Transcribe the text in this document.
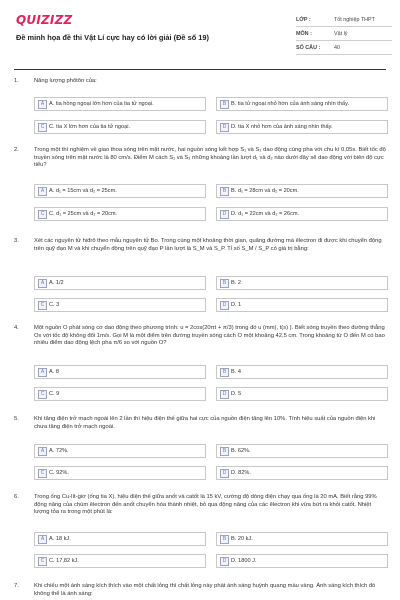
QUIZIZZ
Đề minh họa đề thi Vật Lí cực hay có lời giải (Đề số 19)
LỚP :	Tốt nghiệp THPT
MÔN :	Vật lý
SỐ CÂU :	40
1.	Năng lượng phôtôn của:
A A. tia hồng ngoại lớn hơn của tia tử ngoại.	B B. tia tử ngoại nhỏ hơn của ánh sáng nhìn thấy.
C C. tia X lớn hơn của tia tử ngoại.	D D. tia X nhỏ hơn của ánh sáng nhìn thấy.
2.	Trong một thí nghiệm về giao thoa sóng trên mặt nước, hai nguồn sóng kết hợp S₁ và S₂ dao động cùng pha với chu kì 0,05s. Biết tốc độ truyền sóng trên mặt nước là 80 cm/s. Điểm M cách S₁ và S₂ những khoảng lần lượt d₁ và d₂ nào dưới đây sẽ dao động với biên độ cực tiểu?
A A. d₁ = 15cm và d₂ = 25cm.	B B. d₁ = 28cm và d₂ = 20cm.
C C. d₁ = 25cm và d₂ = 20cm.	D D. d₁ = 22cm và d₂ = 26cm.
3.	Xét các nguyên tử hiđrô theo mẫu nguyên tử Bo. Trong cùng một khoảng thời gian, quãng đường mà êlectron đi được khi chuyển động trên quỹ đạo M và khi chuyển động trên quỹ đạo P lần lượt là S_M và S_P. Tỉ số S_M / S_P có giá trị bằng:
A A. 1/2	B B. 2
C C. 3	D D. 1
4.	Một nguồn O phát sóng cơ dao động theo phương trình: u = 2cos(20πt + π/3) trong đó u (mm), t(s) ). Biết sóng truyền theo đường thẳng Ox với tốc độ không đổi 1m/s. Gọi M là một điểm trên đường truyền sóng cách O một khoảng 42,5 cm. Trong khoảng từ O đến M có bao nhiêu điểm dao động lệch pha π/6 so với nguồn O?
A A. 8	B B. 4
C C. 9	D D. 5
5.	Khi tăng điện trở mạch ngoài lên 2 lần thì hiệu điện thế giữa hai cực của nguồn điện tăng lên 10%. Tính hiệu suất của nguồn điện khi chưa tăng điện trở mạch ngoài.
A A. 72%.	B B. 62%.
C C. 92%.	D D. 82%.
6.	Trong ống Cu-lít-giơ (ống tia X), hiệu điện thế giữa anốt và catốt là 15 kV, cường độ dòng điện chạy qua ống là 20 mA. Biết rằng 99% động năng của chùm êlectron đến anốt chuyển hóa thành nhiệt, bỏ qua động năng của các êlectron khi vừa bứt ra khỏi catốt. Nhiệt lượng tỏa ra trong một phút là:
A A. 18 kJ.	B B. 20 kJ.
C C. 17,82 kJ.	D D. 1800 J.
7.	Khi chiếu một ánh sáng kích thích vào một chất lỏng thì chất lỏng này phát ánh sáng huỳnh quang màu vàng. Ánh sáng kích thích đó không thể là ánh sáng:
